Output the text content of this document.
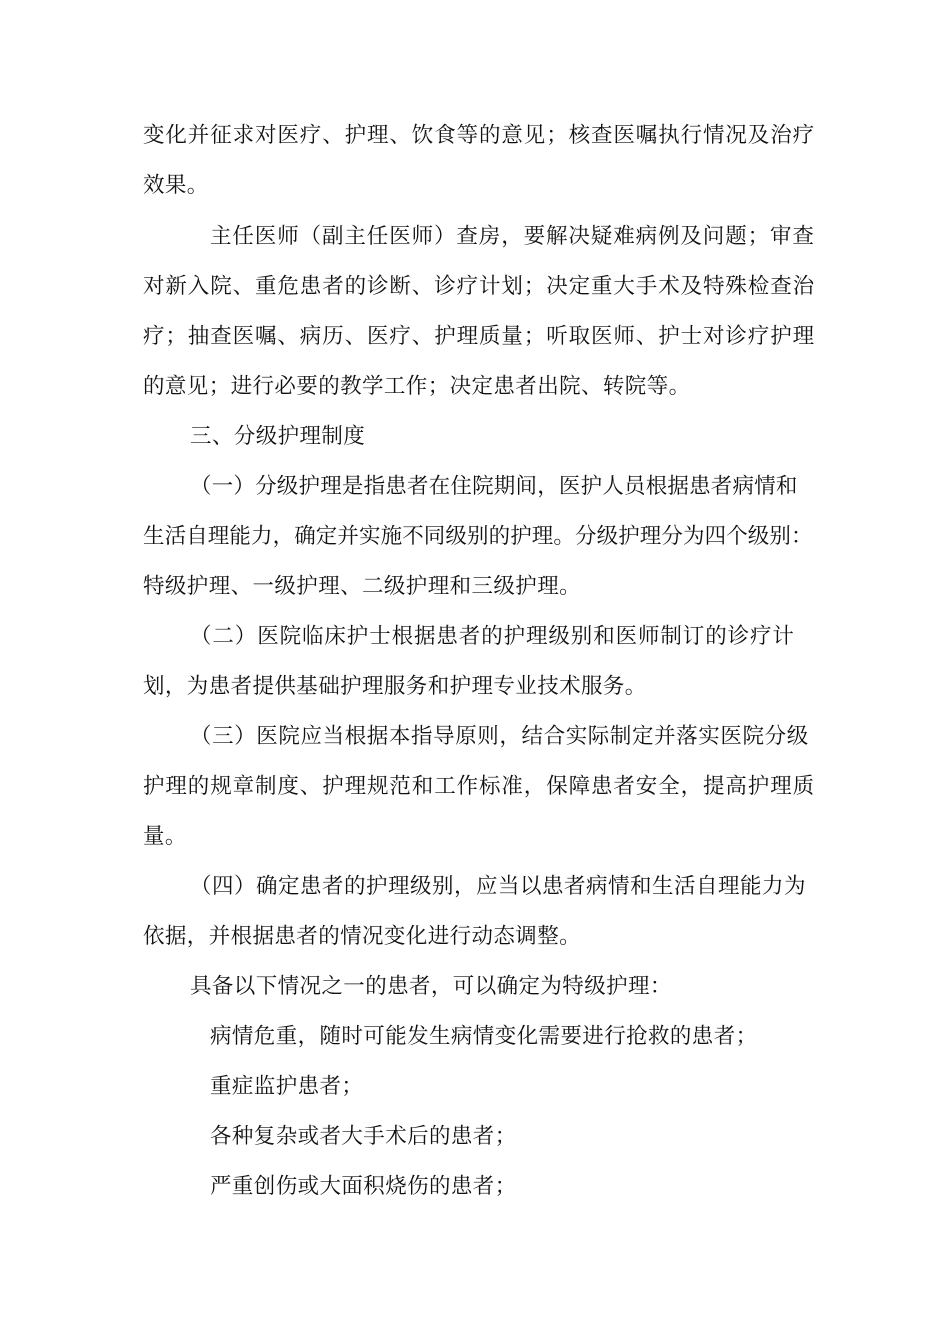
变化并征求对医疗、护理、饮食等的意见；核查医嘱执行情况及治疗
效果。
主任医师（副主任医师）查房，要解决疑难病例及问题；审查
对新入院、重危患者的诊断、诊疗计划；决定重大手术及特殊检查治
疗；抽查医嘱、病历、医疗、护理质量；听取医师、护士对诊疗护理
的意见；进行必要的教学工作；决定患者出院、转院等。
三、分级护理制度
（一）分级护理是指患者在住院期间，医护人员根据患者病情和
生活自理能力，确定并实施不同级别的护理。分级护理分为四个级别：
特级护理、一级护理、二级护理和三级护理。
（二）医院临床护士根据患者的护理级别和医师制订的诊疗计
划，为患者提供基础护理服务和护理专业技术服务。
（三）医院应当根据本指导原则，结合实际制定并落实医院分级
护理的规章制度、护理规范和工作标准，保障患者安全，提高护理质
量。
（四）确定患者的护理级别，应当以患者病情和生活自理能力为
依据，并根据患者的情况变化进行动态调整。
具备以下情况之一的患者，可以确定为特级护理：
病情危重，随时可能发生病情变化需要进行抢救的患者；
重症监护患者；
各种复杂或者大手术后的患者；
严重创伤或大面积烧伤的患者；
